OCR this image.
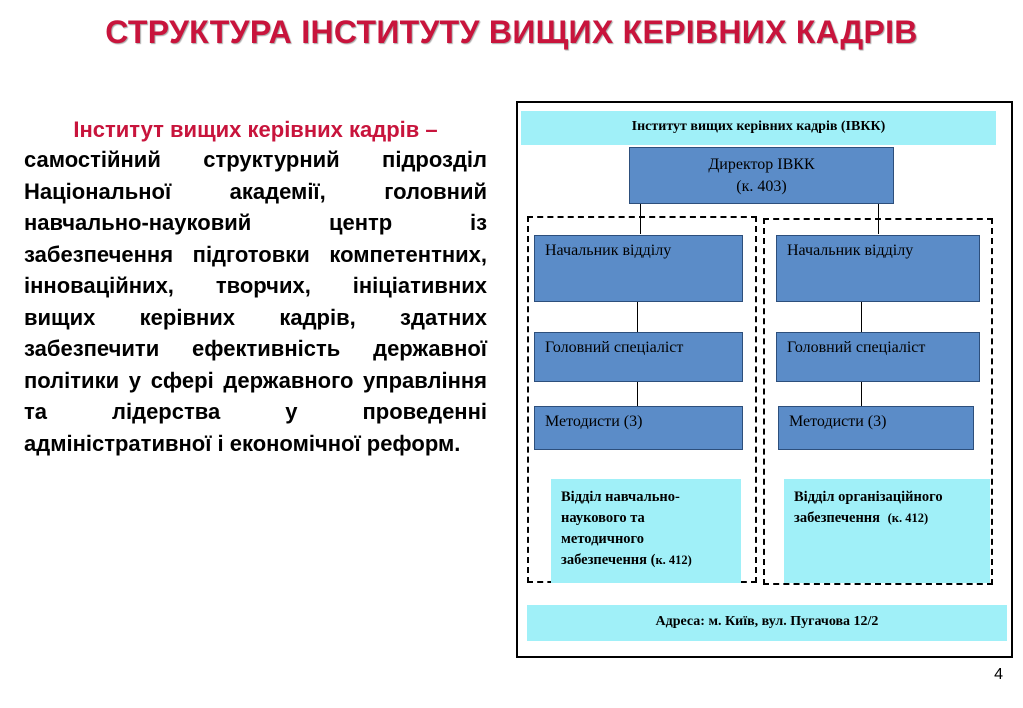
СТРУКТУРА ІНСТИТУТУ ВИЩИХ КЕРІВНИХ КАДРІВ

Інститут вищих керівних кадрів –

самостійний структурний підрозділ Національної академії, головний навчально-науковий центр із забезпечення підготовки компетентних, інноваційних, творчих, ініціативних вищих керівних кадрів, здатних забезпечити ефективність державної політики у сфері державного управління та лідерства у проведенні адміністративної і економічної реформ.

Інститут вищих керівних кадрів (ІВКК)
Директор ІВКК
(к. 403)
Начальник відділу
Головний спеціаліст
Методисти (3)
Відділ навчально-наукового та методичного забезпечення (к. 412)
Начальник відділу
Головний спеціаліст
Методисти (3)
Відділ організаційного забезпечення (к. 412)
Адреса: м. Київ, вул. Пугачова 12/2
4
